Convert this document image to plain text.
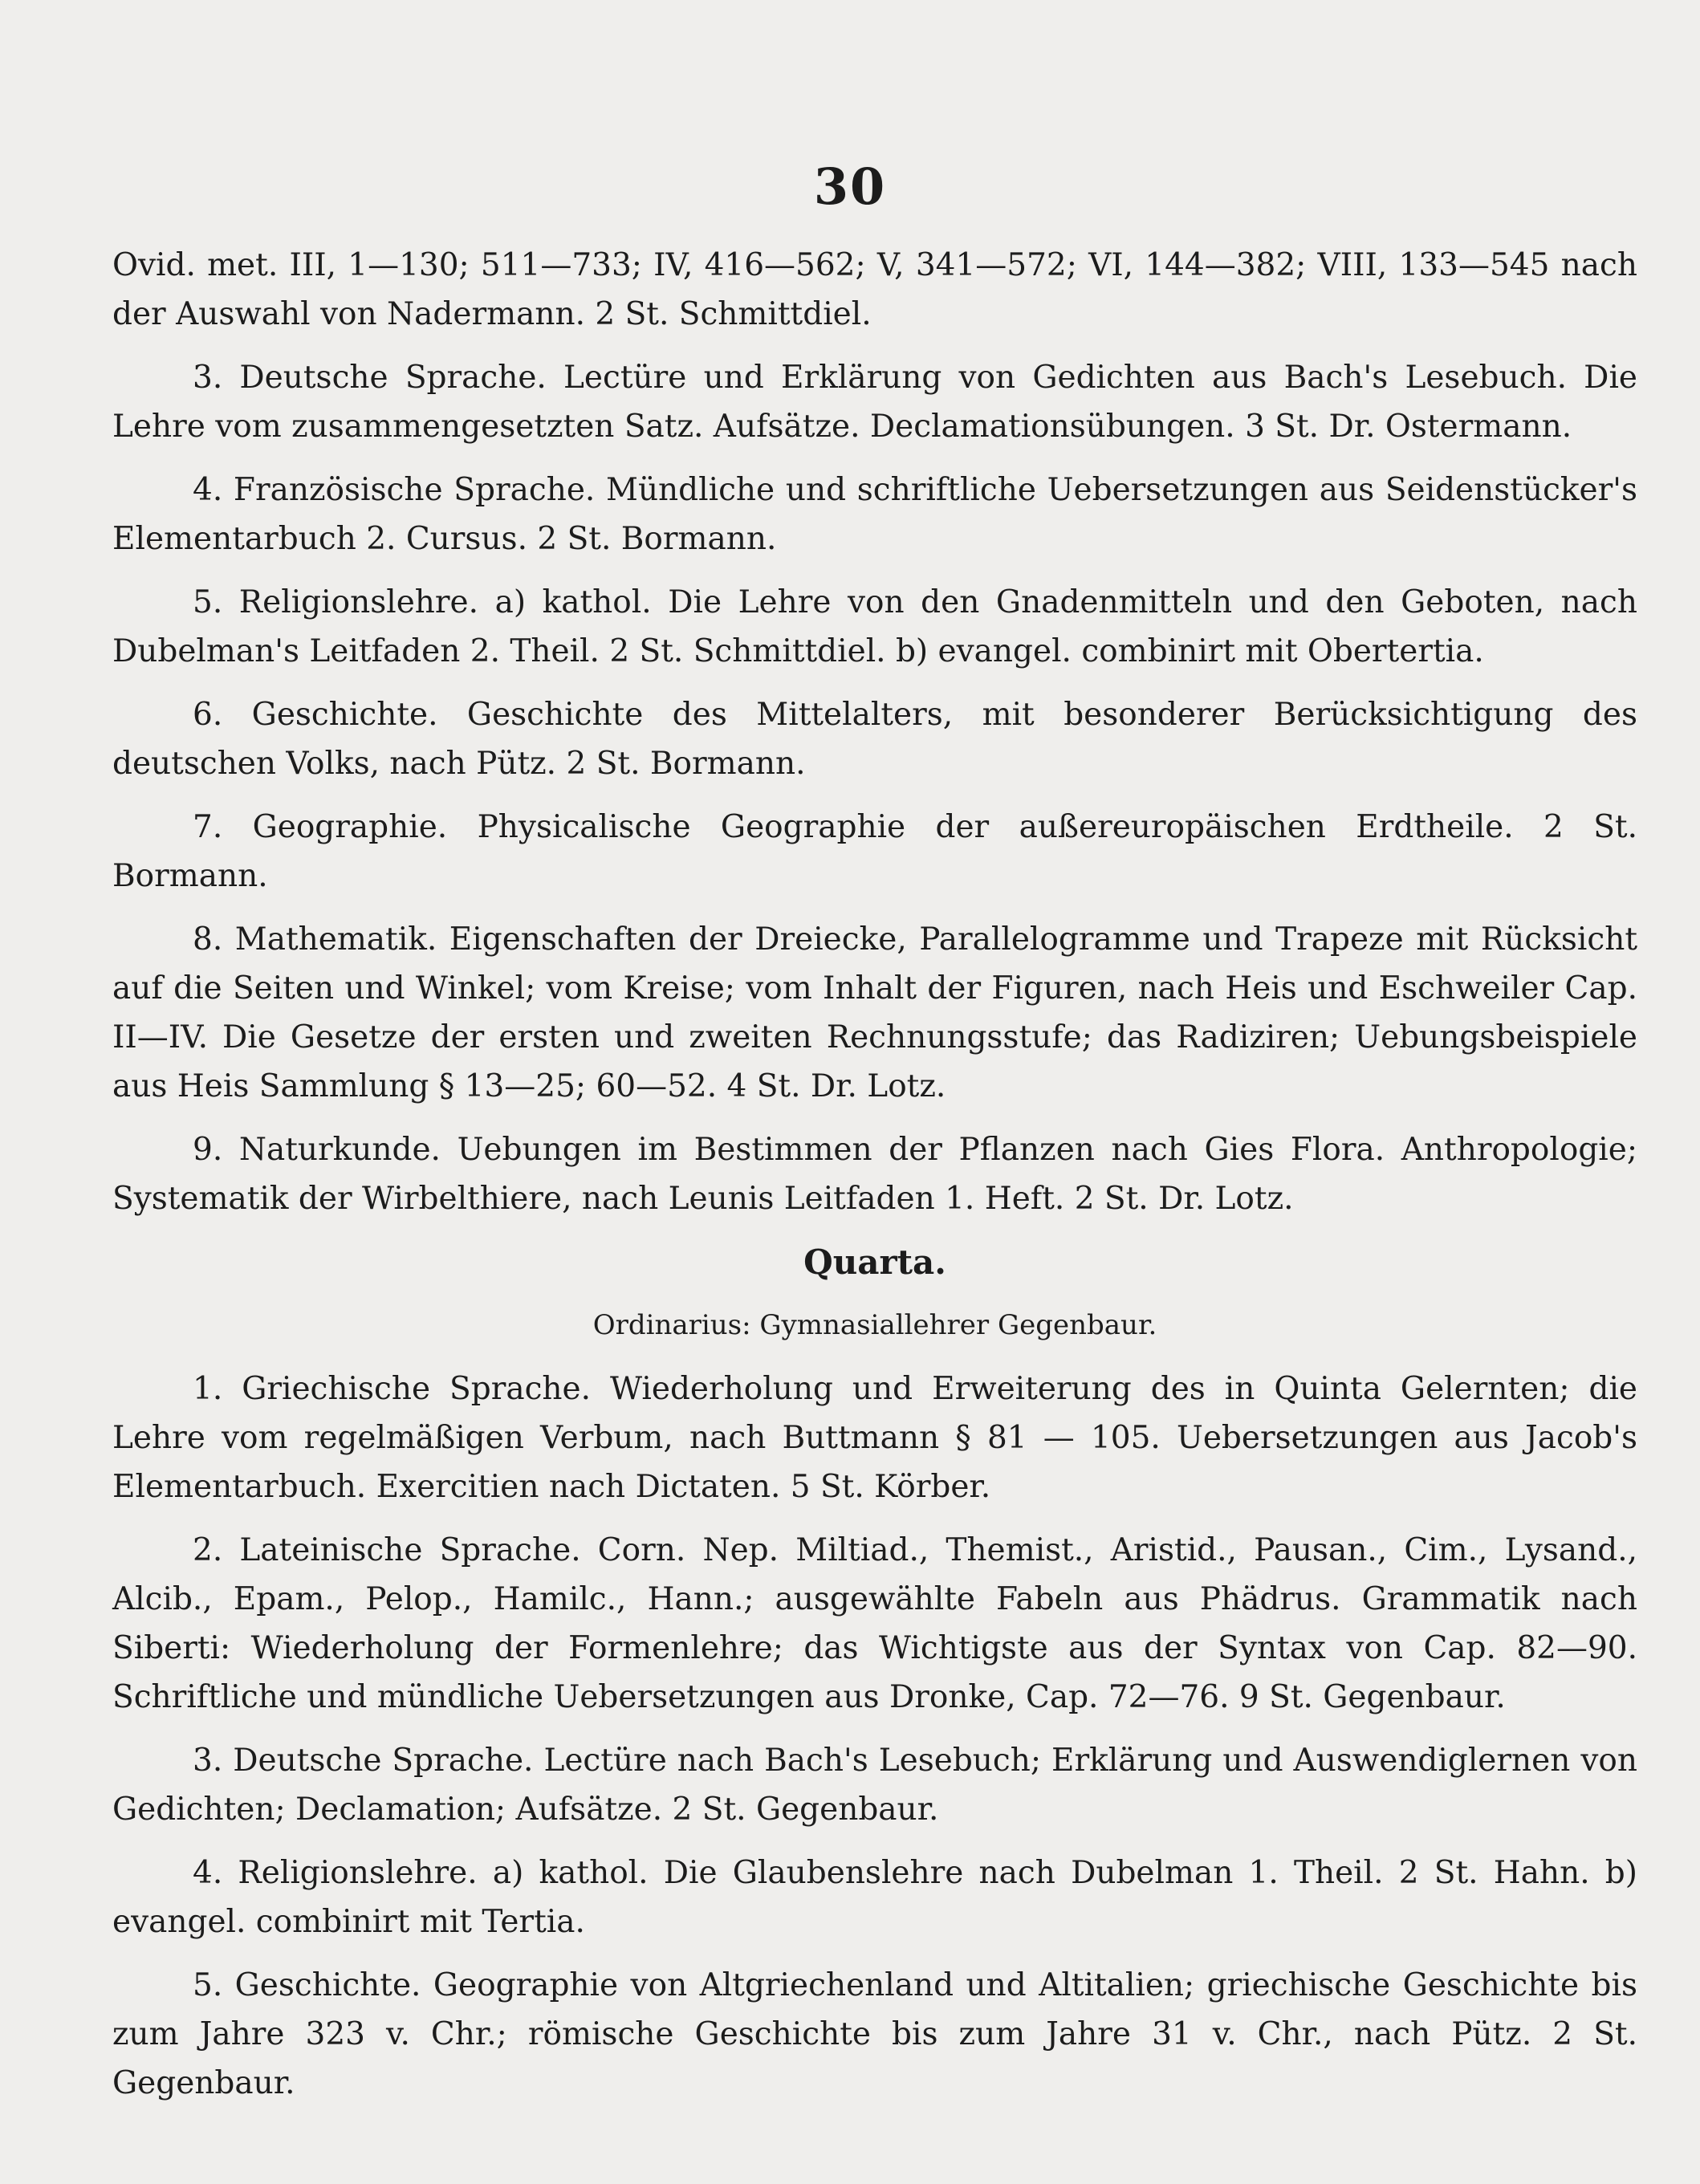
30

Ovid. met. III, 1—130; 511—733; IV, 416—562; V, 341—572; VI, 144—382; VIII, 133—545 nach der Auswahl von Nadermann. 2 St. Schmittdiel.

3. Deutsche Sprache. Lectüre und Erklärung von Gedichten aus Bach's Lesebuch. Die Lehre vom zusammengesetzten Satz. Aufsätze. Declamationsübungen. 3 St. Dr. Ostermann.

4. Französische Sprache. Mündliche und schriftliche Uebersetzungen aus Seidenstücker's Elementarbuch 2. Cursus. 2 St. Bormann.

5. Religionslehre. a) kathol. Die Lehre von den Gnadenmitteln und den Geboten, nach Dubelman's Leitfaden 2. Theil. 2 St. Schmittdiel. b) evangel. combinirt mit Obertertia.

6. Geschichte. Geschichte des Mittelalters, mit besonderer Berücksichtigung des deutschen Volks, nach Pütz. 2 St. Bormann.

7. Geographie. Physicalische Geographie der außereuropäischen Erdtheile. 2 St. Bormann.

8. Mathematik. Eigenschaften der Dreiecke, Parallelogramme und Trapeze mit Rücksicht auf die Seiten und Winkel; vom Kreise; vom Inhalt der Figuren, nach Heis und Eschweiler Cap. II—IV. Die Gesetze der ersten und zweiten Rechnungsstufe; das Radiziren; Uebungsbeispiele aus Heis Sammlung § 13—25; 60—52. 4 St. Dr. Lotz.

9. Naturkunde. Uebungen im Bestimmen der Pflanzen nach Gies Flora. Anthropologie; Systematik der Wirbelthiere, nach Leunis Leitfaden 1. Heft. 2 St. Dr. Lotz.

Quarta.

Ordinarius: Gymnasiallehrer Gegenbaur.

1. Griechische Sprache. Wiederholung und Erweiterung des in Quinta Gelernten; die Lehre vom regelmäßigen Verbum, nach Buttmann § 81 — 105. Uebersetzungen aus Jacob's Elementarbuch. Exercitien nach Dictaten. 5 St. Körber.

2. Lateinische Sprache. Corn. Nep. Miltiad., Themist., Aristid., Pausan., Cim., Lysand., Alcib., Epam., Pelop., Hamilc., Hann.; ausgewählte Fabeln aus Phädrus. Grammatik nach Siberti: Wiederholung der Formenlehre; das Wichtigste aus der Syntax von Cap. 82—90. Schriftliche und mündliche Uebersetzungen aus Dronke, Cap. 72—76. 9 St. Gegenbaur.

3. Deutsche Sprache. Lectüre nach Bach's Lesebuch; Erklärung und Auswendiglernen von Gedichten; Declamation; Aufsätze. 2 St. Gegenbaur.

4. Religionslehre. a) kathol. Die Glaubenslehre nach Dubelman 1. Theil. 2 St. Hahn. b) evangel. combinirt mit Tertia.

5. Geschichte. Geographie von Altgriechenland und Altitalien; griechische Geschichte bis zum Jahre 323 v. Chr.; römische Geschichte bis zum Jahre 31 v. Chr., nach Pütz. 2 St. Gegenbaur.
